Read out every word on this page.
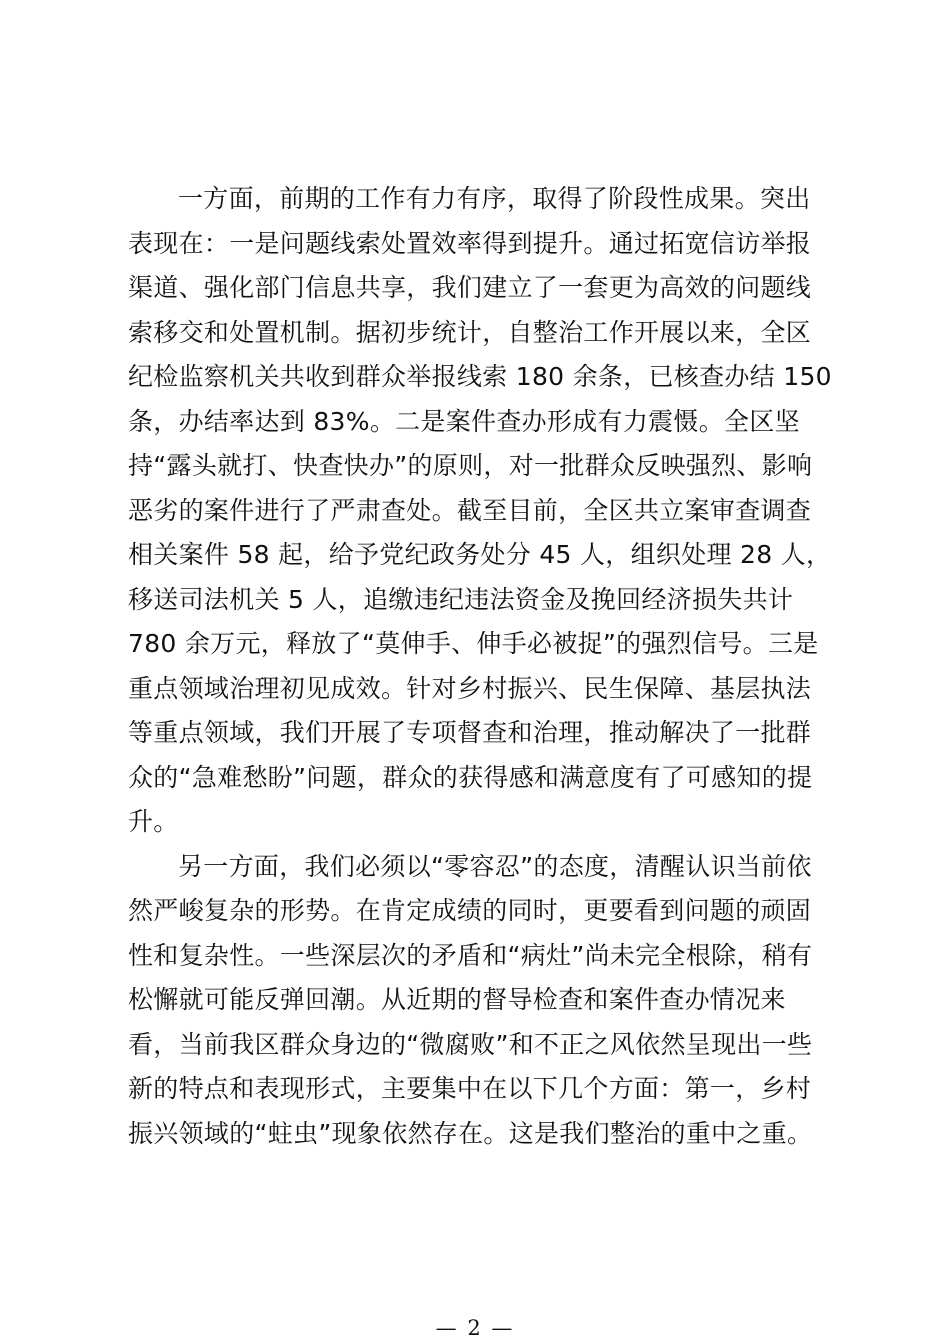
一方面，前期的工作有力有序，取得了阶段性成果。突出
表现在：一是问题线索处置效率得到提升。通过拓宽信访举报
渠道、强化部门信息共享，我们建立了一套更为高效的问题线
索移交和处置机制。据初步统计，自整治工作开展以来，全区
纪检监察机关共收到群众举报线索 180 余条，已核查办结 150
条，办结率达到 83%。二是案件查办形成有力震慑。全区坚
持“露头就打、快查快办”的原则，对一批群众反映强烈、影响
恶劣的案件进行了严肃查处。截至目前，全区共立案审查调查
相关案件 58 起，给予党纪政务处分 45 人，组织处理 28 人，
移送司法机关 5 人，追缴违纪违法资金及挽回经济损失共计
780 余万元，释放了“莫伸手、伸手必被捉”的强烈信号。三是
重点领域治理初见成效。针对乡村振兴、民生保障、基层执法
等重点领域，我们开展了专项督查和治理，推动解决了一批群
众的“急难愁盼”问题，群众的获得感和满意度有了可感知的提
升。

另一方面，我们必须以“零容忍”的态度，清醒认识当前依
然严峻复杂的形势。在肯定成绩的同时，更要看到问题的顽固
性和复杂性。一些深层次的矛盾和“病灶”尚未完全根除，稍有
松懈就可能反弹回潮。从近期的督导检查和案件查办情况来
看，当前我区群众身边的“微腐败”和不正之风依然呈现出一些
新的特点和表现形式，主要集中在以下几个方面：第一，乡村
振兴领域的“蛀虫”现象依然存在。这是我们整治的重中之重。

— 2 —
